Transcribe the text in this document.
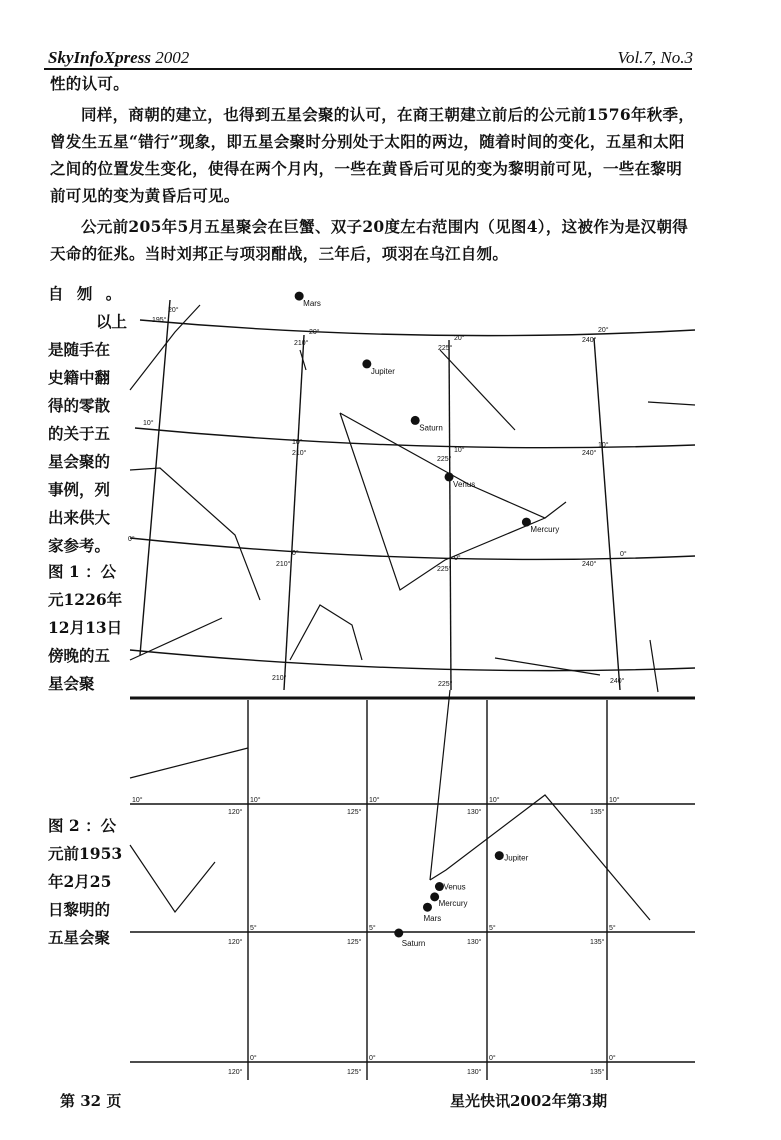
SkyInfoXpress 2002	Vol.7, No.3

性的认可。

同样，商朝的建立，也得到五星会聚的认可，在商王朝建立前后的公元前1576年秋季，曾发生五星“错行”现象，即五星会聚时分别处于太阳的两边，随着时间的变化，五星和太阳之间的位置发生变化，使得在两个月内，一些在黄昏后可见的变为黎明前可见，一些在黎明前可见的变为黄昏后可见。

公元前205年5月五星聚会在巨蟹、双子20度左右范围内（见图4），这被作为是汉朝得天命的征兆。当时刘邦正与项羽酣战，三年后，项羽在乌江自刎。

自 刎 。
以上
是随手在
史籍中翻
得的零散
的关于五
星会聚的
事例，列
出来供大
家参考。
图 1 ：公
元1226年
12月13日
傍晚的五
星会聚
图 2 ：公
元前1953
年2月25
日黎明的
五星会聚
195°
210°
225°
240°
210°
225°
240°
210°
225°
240°
210°
225°	240°
20°
20°
20°
20°
10°
10°
10°
10°
0°
0°
0°
0°
120°	125°	130°	135°
120°	125°	130°	135°
120°	125°	130°	135°
10°	10°	10°	10°	10°
5°	5°	5°	5°
0°	0°	0°	0°
Mars
Jupiter
Saturn
Venus
Mercury
Jupiter
Venus
Mercury
Mars
Saturn
第 32 页	星光快讯2002年第3期
